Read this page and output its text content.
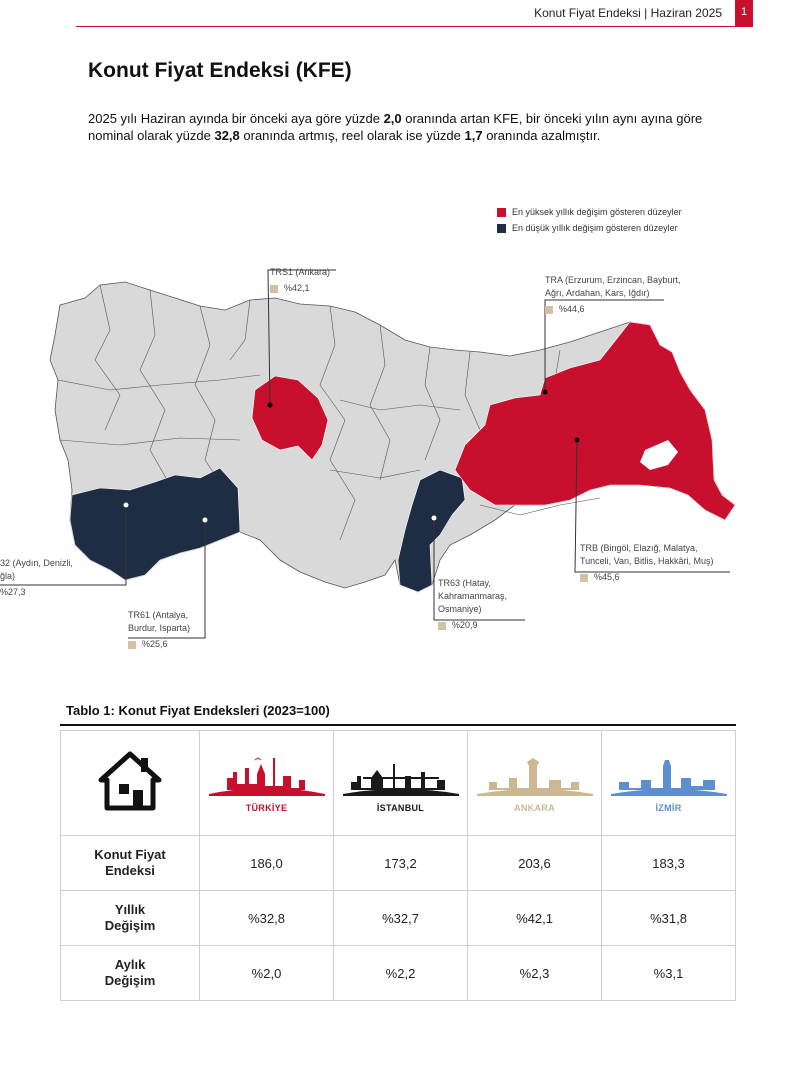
Konut Fiyat Endeksi | Haziran 2025	1
Konut Fiyat Endeksi (KFE)

2025 yılı Haziran ayında bir önceki aya göre yüzde 2,0 oranında artan KFE, bir önceki yılın aynı ayına göre nominal olarak yüzde 32,8 oranında artmış, reel olarak ise yüzde 1,7 oranında azalmıştır.

En yüksek yıllık değişim gösteren düzeyler
En düşük yıllık değişim gösteren düzeyler
TRS1 (Ankara)
%42,1
TRA (Erzurum, Erzincan, Bayburt,
Ağrı, Ardahan, Kars, Iğdır)
%44,6
TRB (Bingöl, Elazığ, Malatya,
Tunceli, Van, Bitlis, Hakkâri, Muş)
%45,6
TR63 (Hatay,
Kahramanmaraş,
Osmaniye)
%20,9
TR61 (Antalya,
Burdur, Isparta)
%25,6
32 (Aydın, Denizli,
ğla)
%27,3
Tablo 1: Konut Fiyat Endeksleri (2023=100)

TÜRKİYE	İSTANBUL	ANKARA	İZMİR

Konut Fiyat
Endeksi	186,0	173,2	203,6	183,3
Yıllık
Değişim	%32,8	%32,7	%42,1	%31,8
Aylık
Değişim	%2,0	%2,2	%2,3	%3,1
